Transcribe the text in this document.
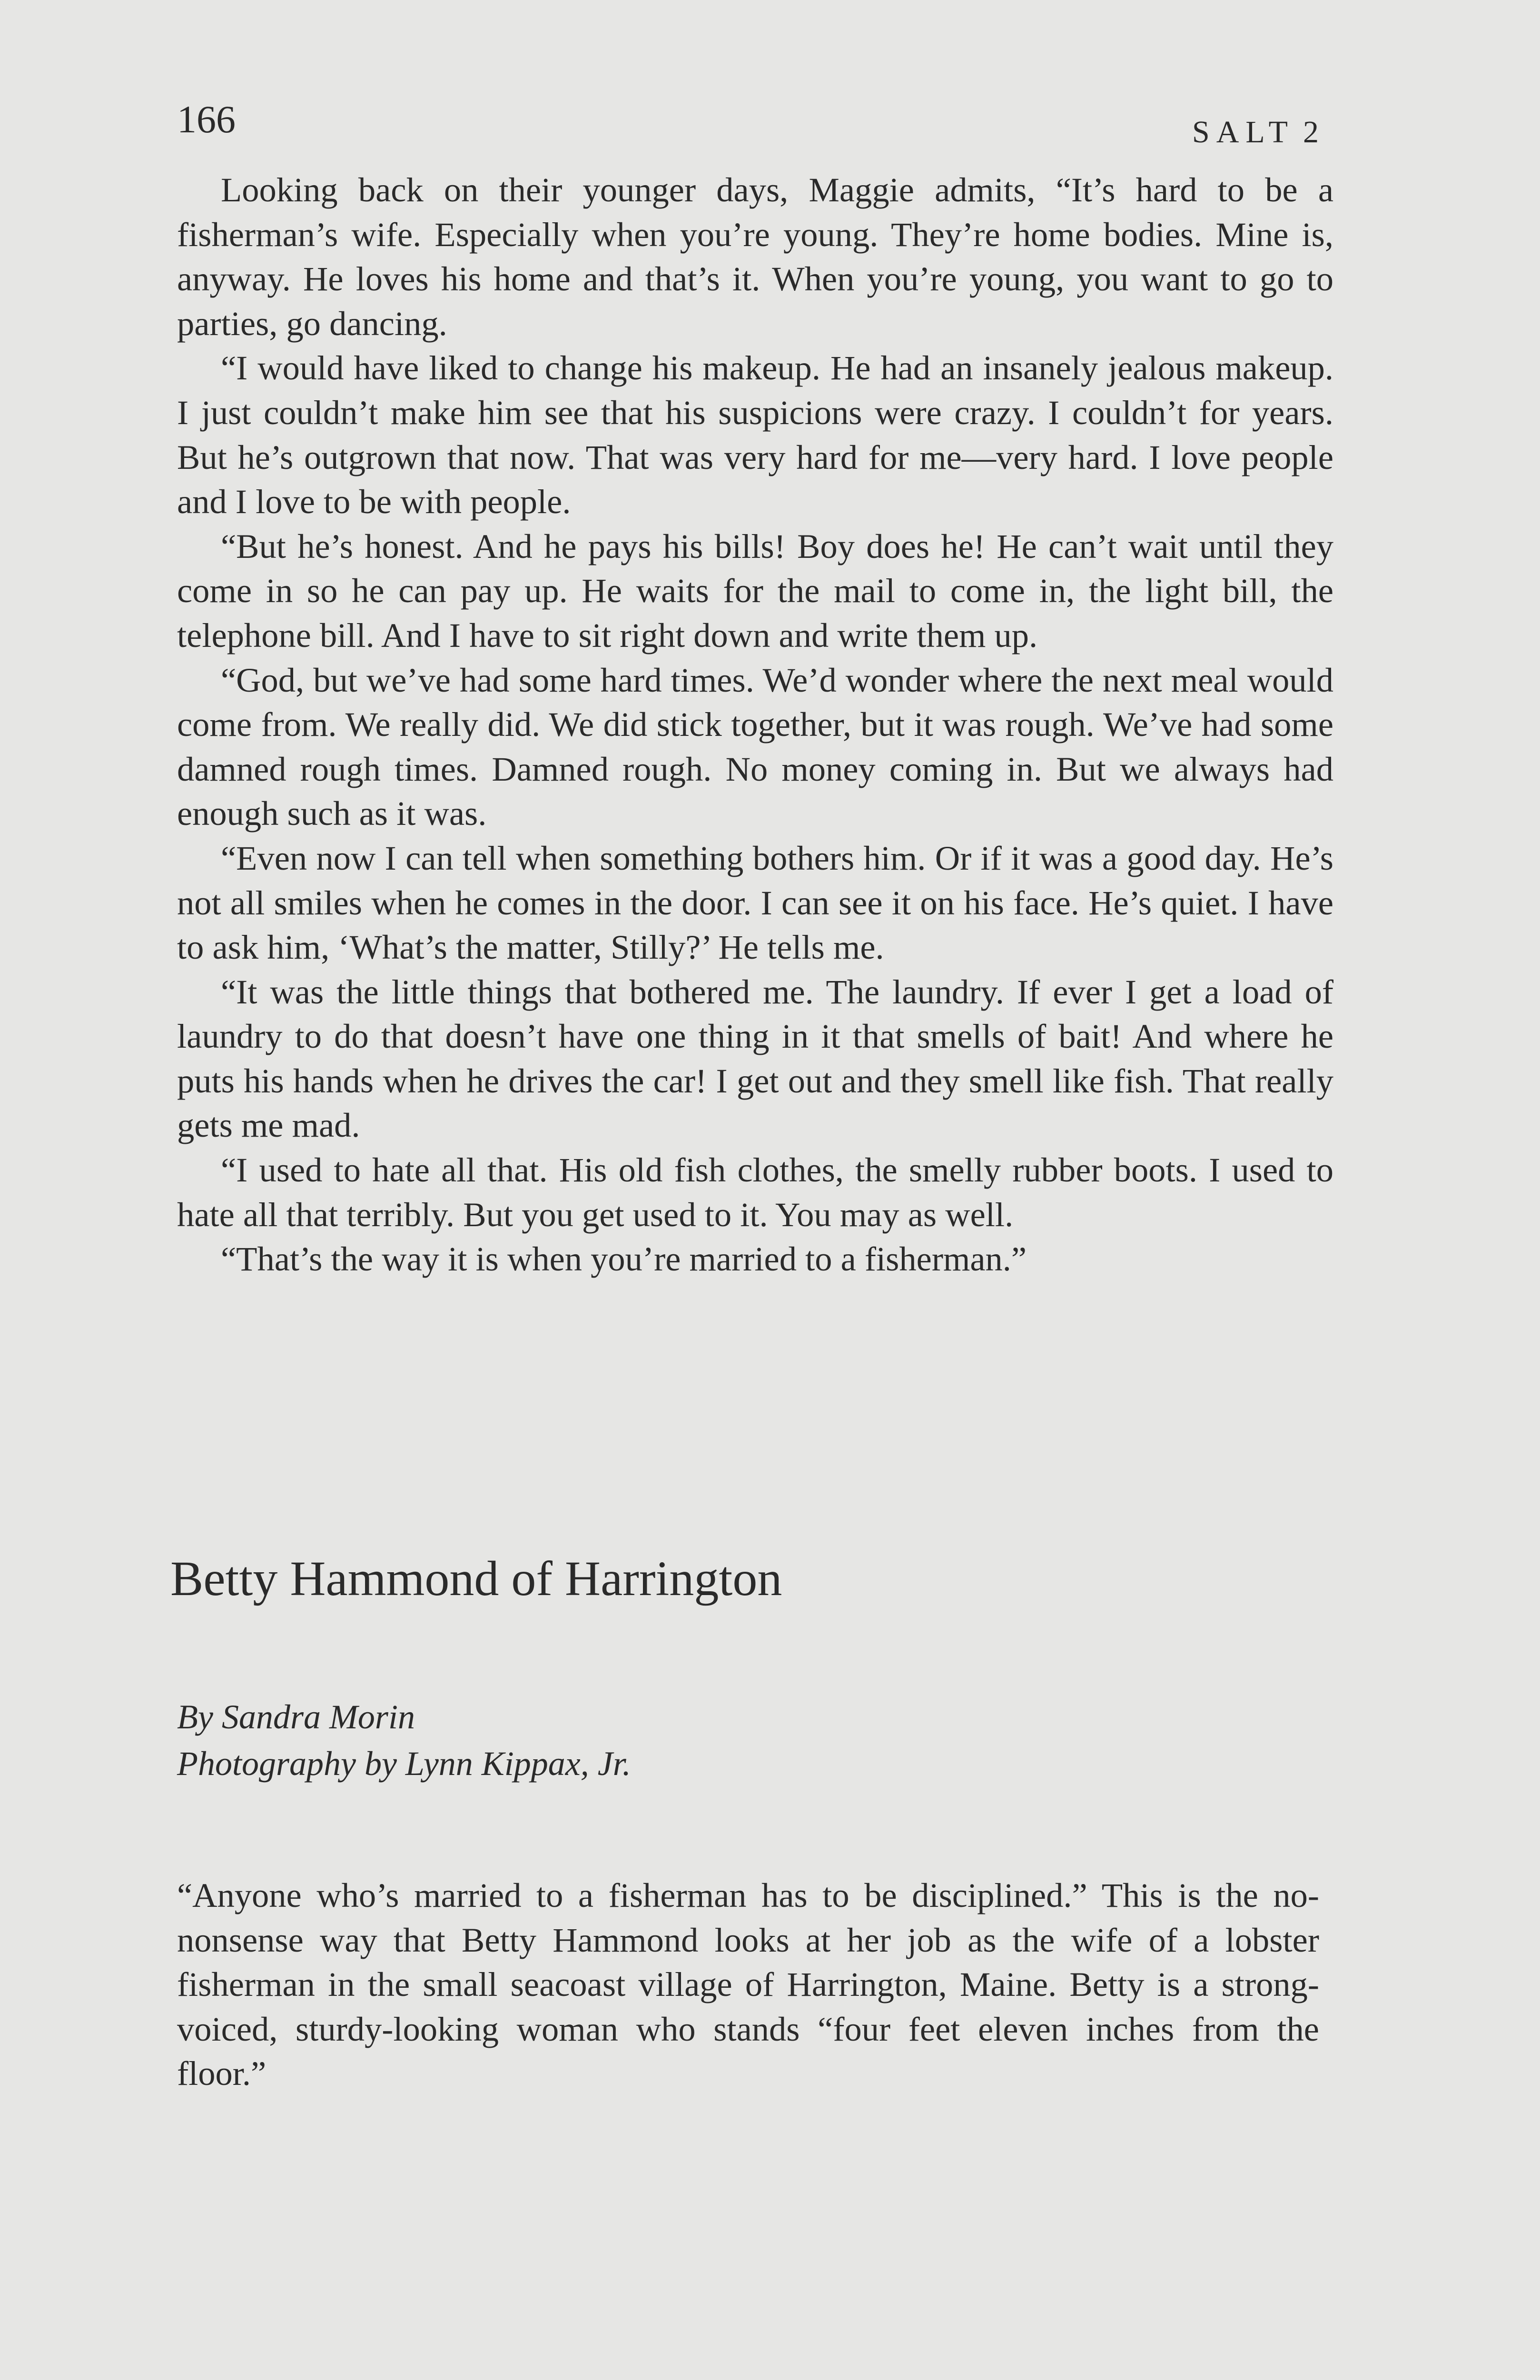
166	SALT 2

Looking back on their younger days, Maggie admits, “It’s hard to be a fisherman’s wife. Especially when you’re young. They’re home bodies. Mine is, anyway. He loves his home and that’s it. When you’re young, you want to go to parties, go dancing.

“I would have liked to change his makeup. He had an insanely jealous makeup. I just couldn’t make him see that his suspicions were crazy. I couldn’t for years. But he’s outgrown that now. That was very hard for me—very hard. I love people and I love to be with people.

“But he’s honest. And he pays his bills! Boy does he! He can’t wait until they come in so he can pay up. He waits for the mail to come in, the light bill, the telephone bill. And I have to sit right down and write them up.

“God, but we’ve had some hard times. We’d wonder where the next meal would come from. We really did. We did stick together, but it was rough. We’ve had some damned rough times. Damned rough. No money coming in. But we always had enough such as it was.

“Even now I can tell when something bothers him. Or if it was a good day. He’s not all smiles when he comes in the door. I can see it on his face. He’s quiet. I have to ask him, ‘What’s the matter, Stilly?’ He tells me.

“It was the little things that bothered me. The laundry. If ever I get a load of laundry to do that doesn’t have one thing in it that smells of bait! And where he puts his hands when he drives the car! I get out and they smell like fish. That really gets me mad.

“I used to hate all that. His old fish clothes, the smelly rubber boots. I used to hate all that terribly. But you get used to it. You may as well.

“That’s the way it is when you’re married to a fisherman.”

Betty Hammond of Harrington
By Sandra Morin
Photography by Lynn Kippax, Jr.

“Anyone who’s married to a fisherman has to be disciplined.” This is the no-nonsense way that Betty Hammond looks at her job as the wife of a lobster fisherman in the small seacoast village of Harrington, Maine. Betty is a strong-voiced, sturdy-looking woman who stands “four feet eleven inches from the floor.”
